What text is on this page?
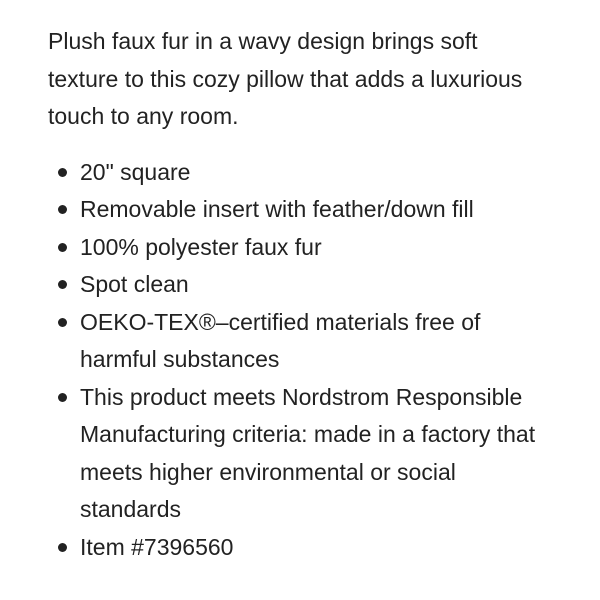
Plush faux fur in a wavy design brings soft texture to this cozy pillow that adds a luxurious touch to any room.

20" square
Removable insert with feather/down fill
100% polyester faux fur
Spot clean
OEKO-TEX®–certified materials free of harmful substances
This product meets Nordstrom Responsible Manufacturing criteria: made in a factory that meets higher environmental or social standards
Item #7396560
